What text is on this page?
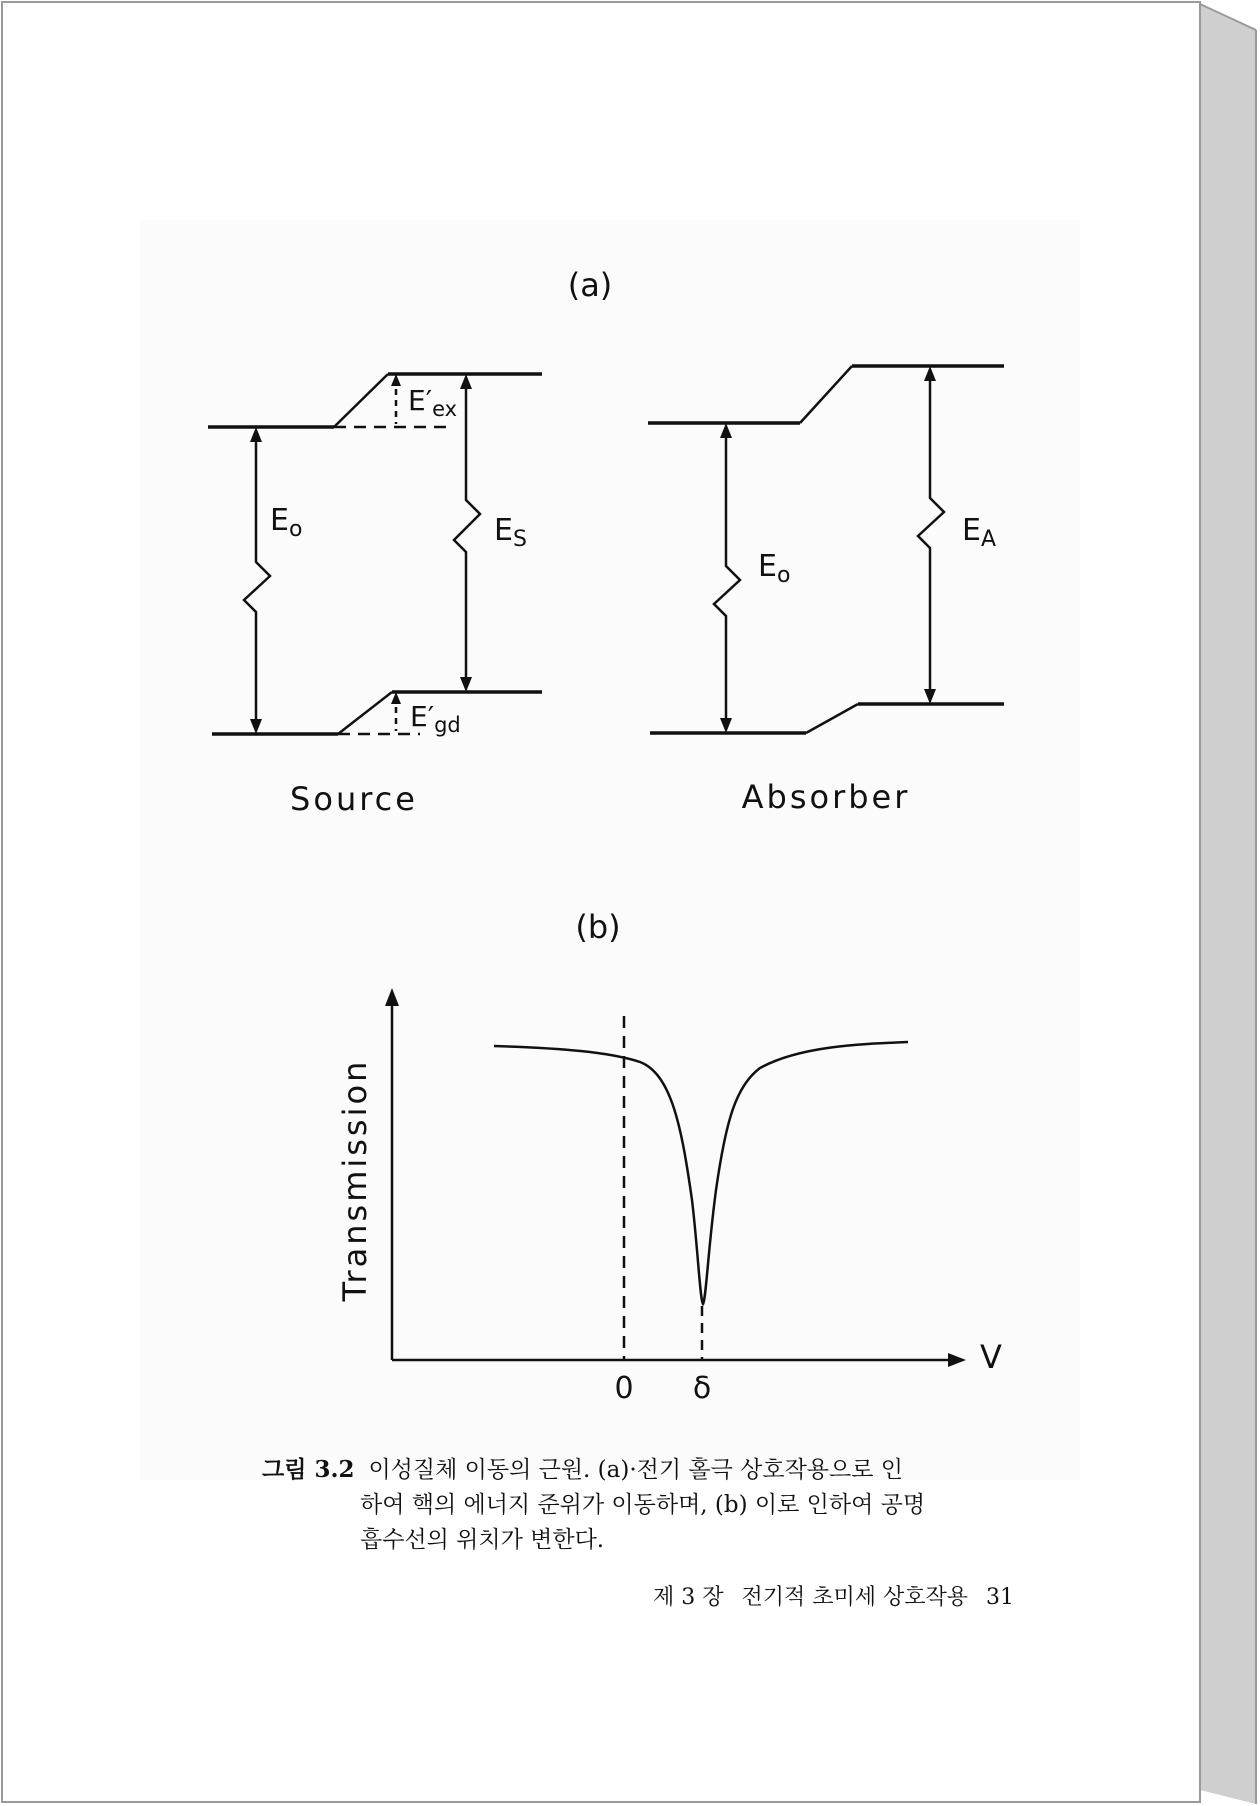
(a)
(b)
$E_o$	$E_S$
$E'_{ex}$
$E'_{gd}$
Source
$E_o$
$E_A$
Absorber
Transmission
V
0 δ
그림 3.2 이성질체 이동의 근원. (a)·전기 홀극 상호작용으로 인
하여 핵의 에너지 준위가 이동하며, (b) 이로 인하여 공명
흡수선의 위치가 변한다.
제 3 장 전기적 초미세 상호작용 31
